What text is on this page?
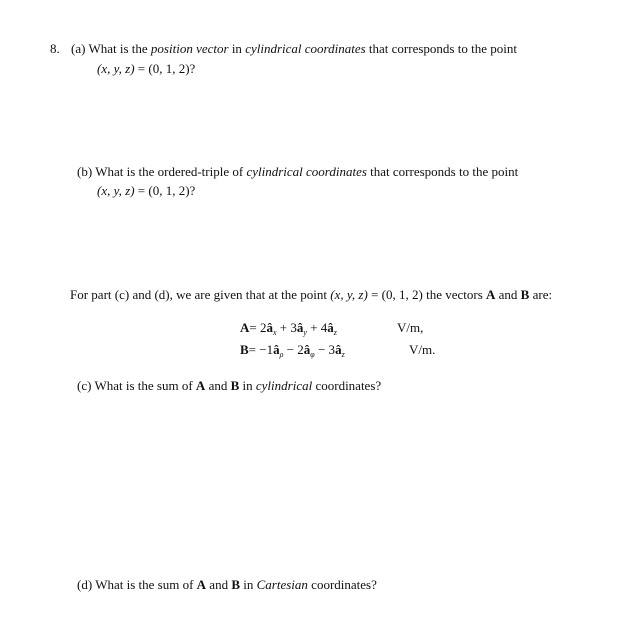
8. (a) What is the position vector in cylindrical coordinates that corresponds to the point
(x, y, z) = (0, 1, 2)?
(b) What is the ordered-triple of cylindrical coordinates that corresponds to the point
(x, y, z) = (0, 1, 2)?
For part (c) and (d), we are given that at the point (x, y, z) = (0, 1, 2) the vectors A and B are:
$A= 2â_x$ + $3â_y$ + $4â_z$	V/m,
$B= -1â_\rho$ − $2â_\varphi$ − $3â_z$	V/m.
(c) What is the sum of A and B in cylindrical coordinates?
(d) What is the sum of A and B in Cartesian coordinates?
